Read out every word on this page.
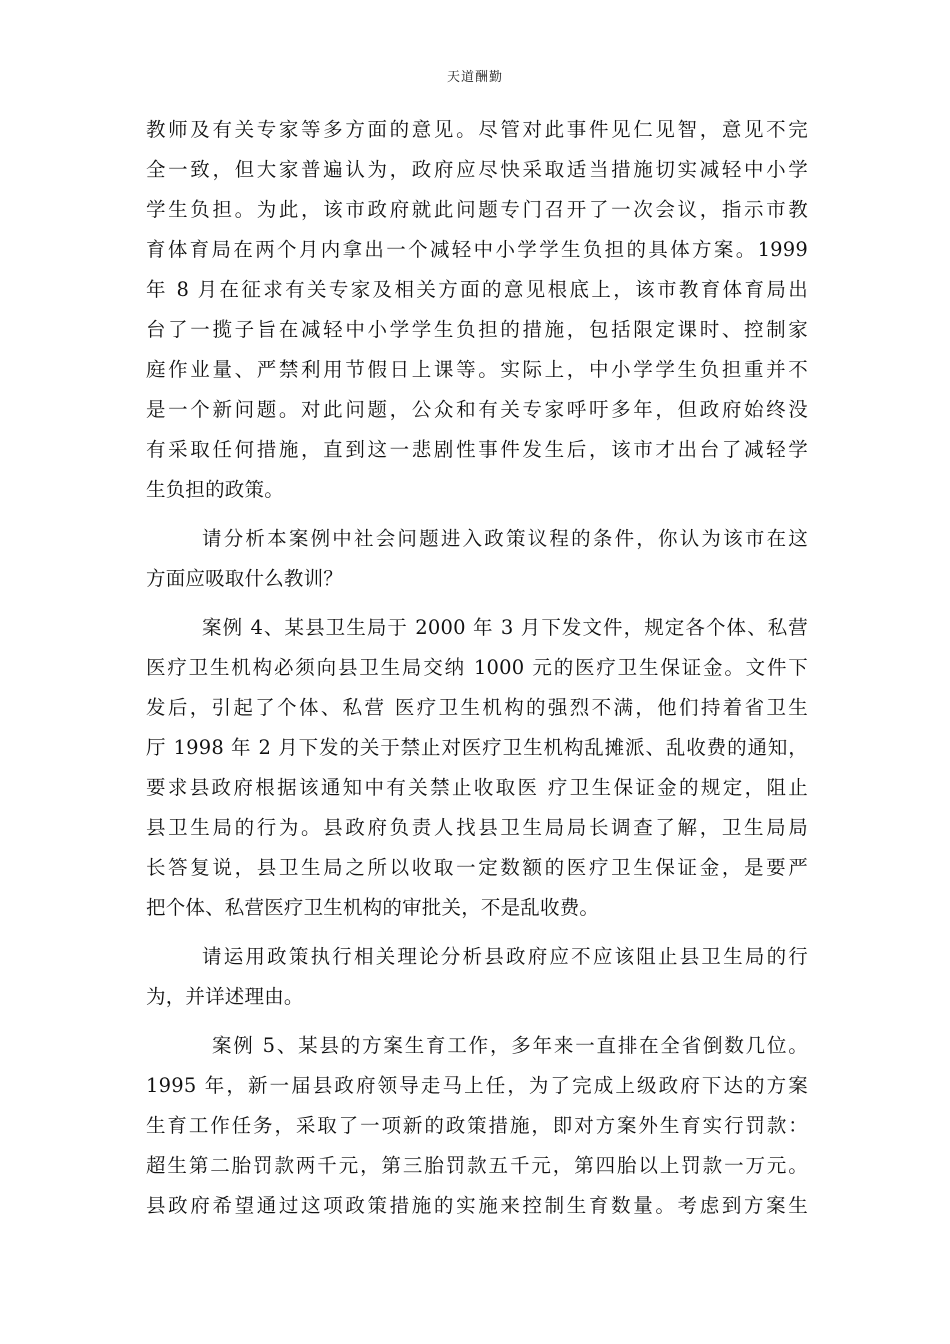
天道酬勤
教师及有关专家等多方面的意见。尽管对此事件见仁见智，意见不完
全一致，但大家普遍认为，政府应尽快采取适当措施切实减轻中小学
学生负担。为此，该市政府就此问题专门召开了一次会议，指示市教
育体育局在两个月内拿出一个减轻中小学学生负担的具体方案。1999
年 8 月在征求有关专家及相关方面的意见根底上，该市教育体育局出
台了一揽子旨在减轻中小学学生负担的措施，包括限定课时、控制家
庭作业量、严禁利用节假日上课等。实际上，中小学学生负担重并不
是一个新问题。对此问题，公众和有关专家呼吁多年，但政府始终没
有采取任何措施，直到这一悲剧性事件发生后，该市才出台了减轻学
生负担的政策。
请分析本案例中社会问题进入政策议程的条件，你认为该市在这
方面应吸取什么教训？
案例 4、某县卫生局于 2000 年 3 月下发文件，规定各个体、私营
医疗卫生机构必须向县卫生局交纳 1000 元的医疗卫生保证金。文件下
发后，引起了个体、私营 医疗卫生机构的强烈不满，他们持着省卫生
厅 1998 年 2 月下发的关于禁止对医疗卫生机构乱摊派、乱收费的通知，
要求县政府根据该通知中有关禁止收取医 疗卫生保证金的规定，阻止
县卫生局的行为。县政府负责人找县卫生局局长调查了解，卫生局局
长答复说，县卫生局之所以收取一定数额的医疗卫生保证金，是要严
把个体、私营医疗卫生机构的审批关，不是乱收费。
请运用政策执行相关理论分析县政府应不应该阻止县卫生局的行
为，并详述理由。
案例 5、某县的方案生育工作，多年来一直排在全省倒数几位。
1995 年，新一届县政府领导走马上任，为了完成上级政府下达的方案
生育工作任务，采取了一项新的政策措施，即对方案外生育实行罚款：
超生第二胎罚款两千元，第三胎罚款五千元，第四胎以上罚款一万元。
县政府希望通过这项政策措施的实施来控制生育数量。考虑到方案生
